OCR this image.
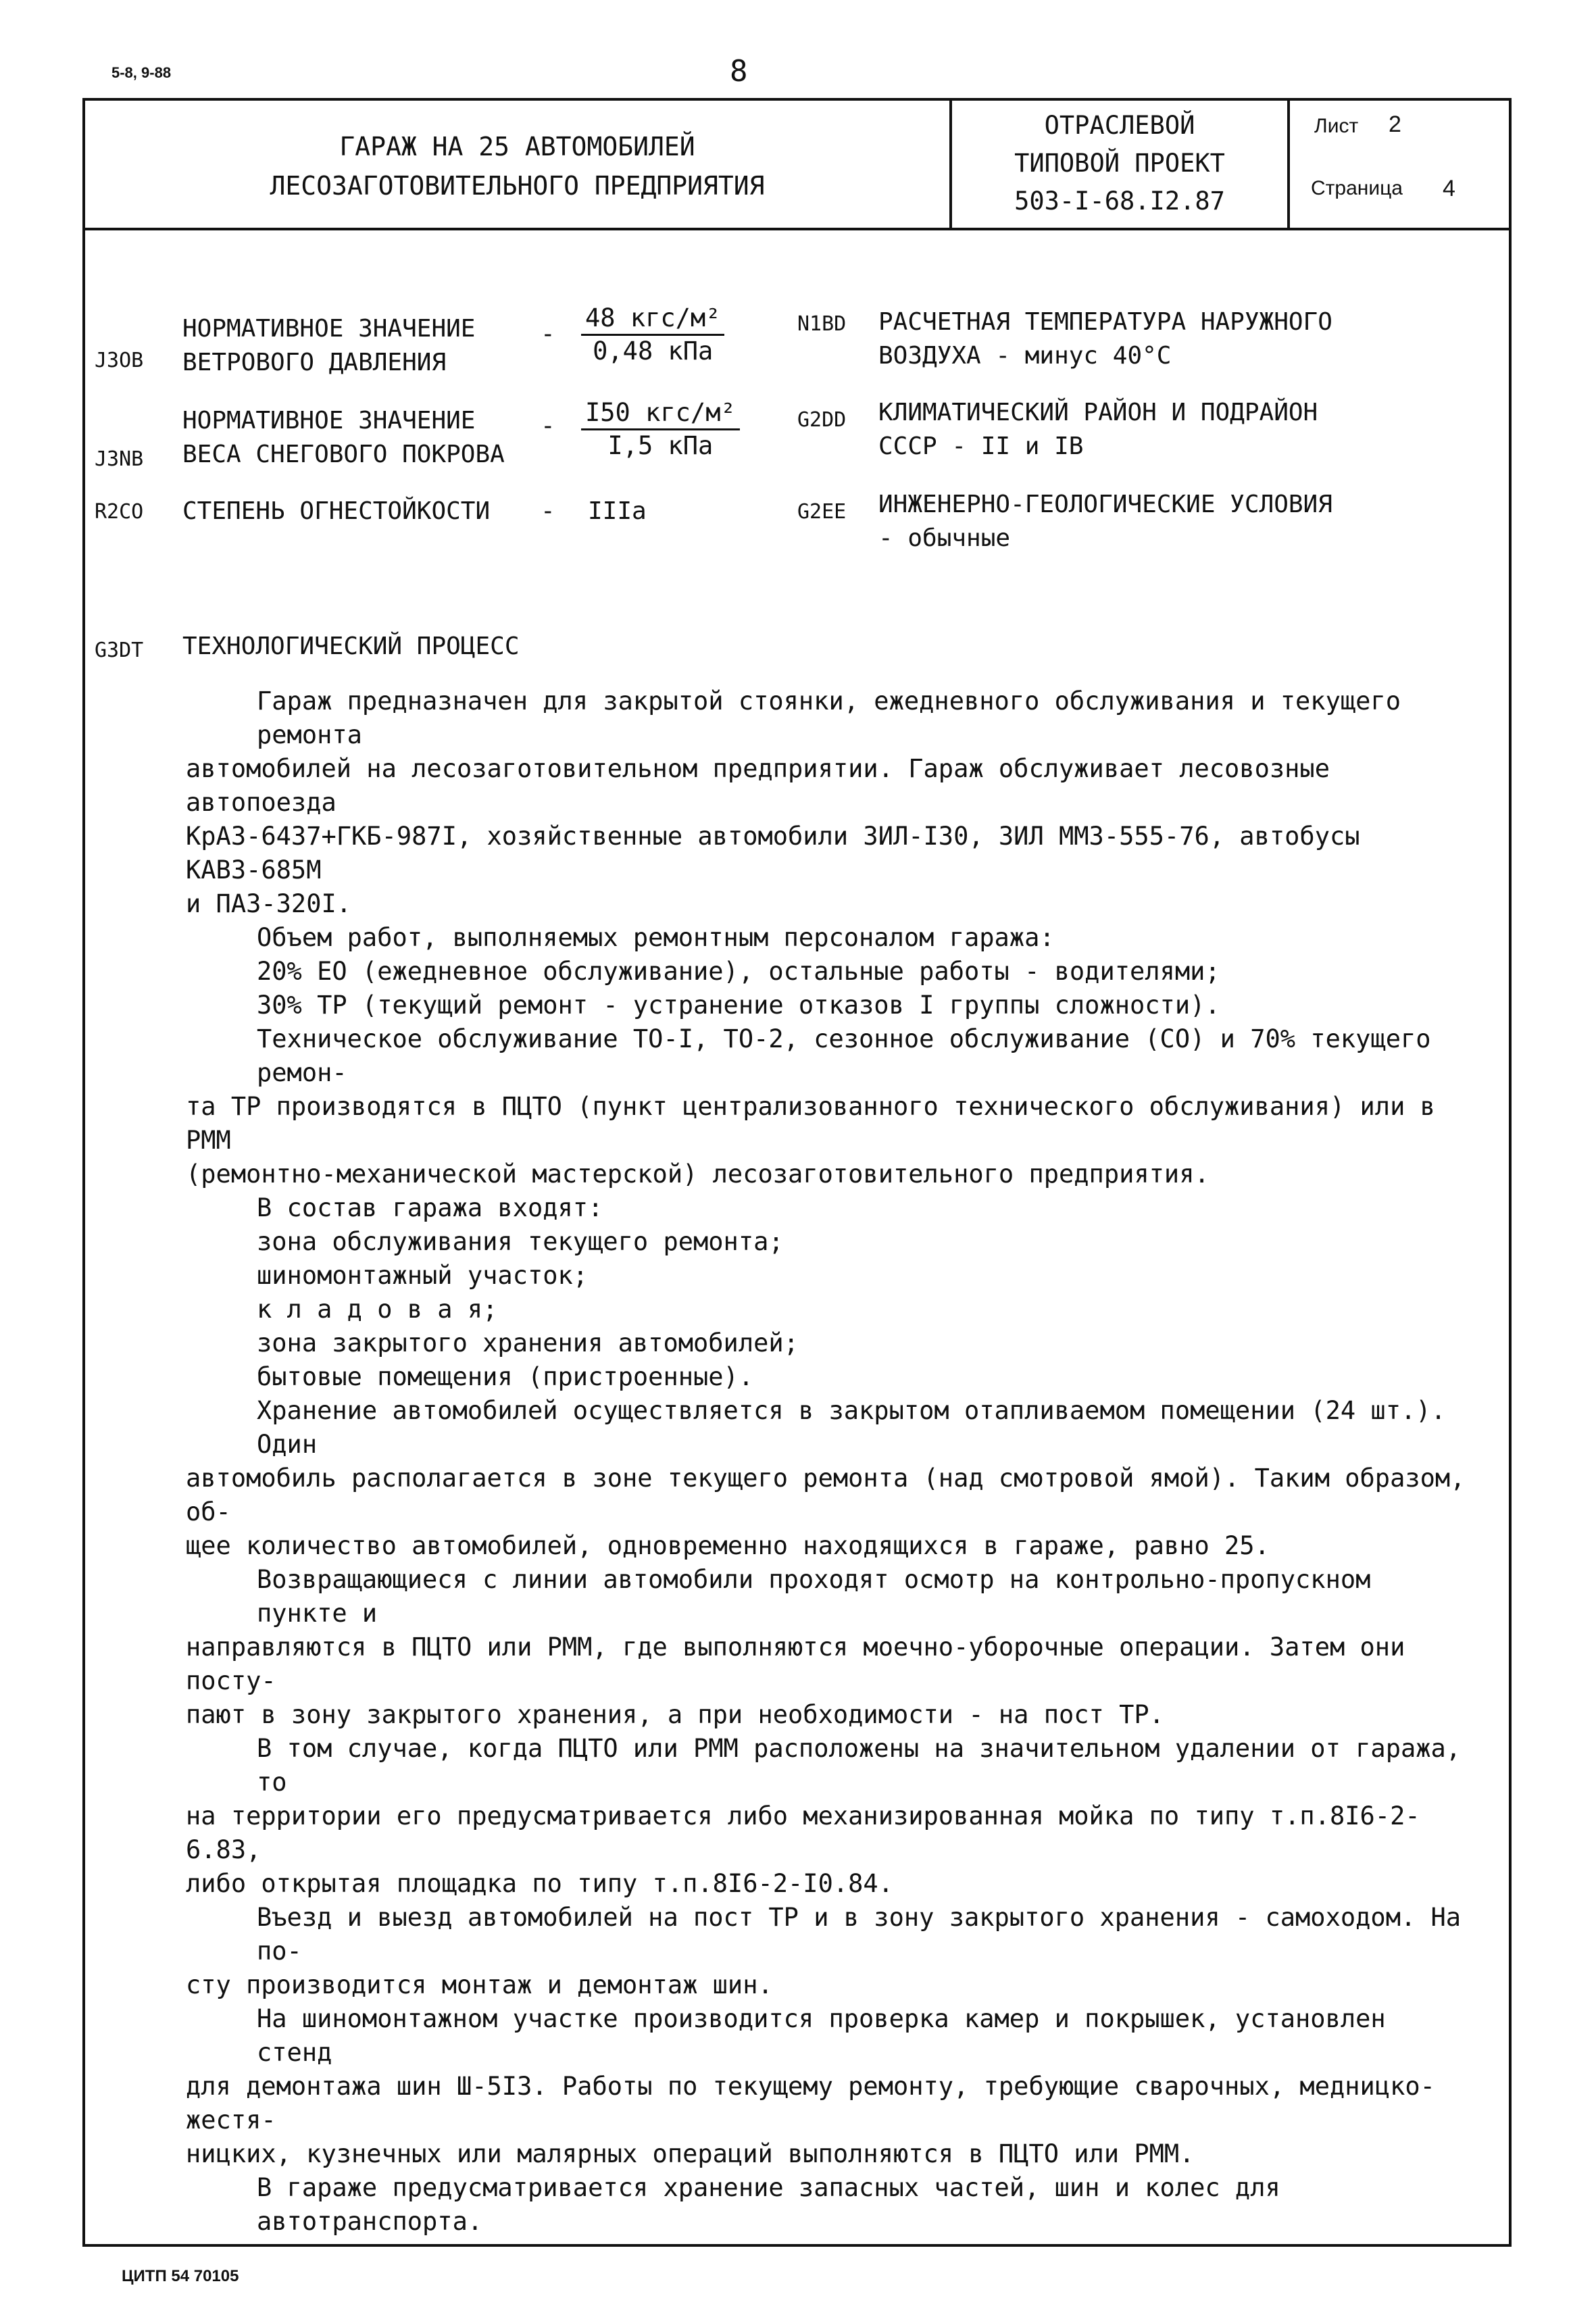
5-8, 9-88	8
ГАРАЖ НА 25 АВТОМОБИЛЕЙ
ЛЕСОЗАГОТОВИТЕЛЬНОГО ПРЕДПРИЯТИЯ
ОТРАСЛЕВОЙ
ТИПОВОЙ ПРОЕКТ
503-I-68.I2.87
Лист 2
Страница 4
J3OB
НОРМАТИВНОЕ ЗНАЧЕНИЕ
ВЕТРОВОГО ДАВЛЕНИЯ
-
48 кгс/м²
0,48 кПа
J3NB
НОРМАТИВНОЕ ЗНАЧЕНИЕ
ВЕСА СНЕГОВОГО ПОКРОВА
- I50 кгс/м²
I,5 кПа
R2CO СТЕПЕНЬ ОГНЕСТОЙКОСТИ - IIIa
N1BD РАСЧЕТНАЯ ТЕМПЕРАТУРА НАРУЖНОГО
ВОЗДУХА - минус 40°С
G2DD КЛИМАТИЧЕСКИЙ РАЙОН И ПОДРАЙОН
СССР - II и IB
G2EE ИНЖЕНЕРНО-ГЕОЛОГИЧЕСКИЕ УСЛОВИЯ
- обычные
G3DT ТЕХНОЛОГИЧЕСКИЙ ПРОЦЕСС
Гараж предназначен для закрытой стоянки, ежедневного обслуживания и текущего ремонта
автомобилей на лесозаготовительном предприятии. Гараж обслуживает лесовозные автопоезда
КрАЗ-6437+ГКБ-987I, хозяйственные автомобили ЗИЛ-I30, ЗИЛ ММЗ-555-76, автобусы КАВЗ-685М
и ПАЗ-320I.
Объем работ, выполняемых ремонтным персоналом гаража:
20% ЕО (ежедневное обслуживание), остальные работы - водителями;
30% ТР (текущий ремонт - устранение отказов I группы сложности).
Техническое обслуживание ТО-I, ТО-2, сезонное обслуживание (СО) и 70% текущего ремон-
та ТР производятся в ПЦТО (пункт централизованного технического обслуживания) или в РММ
(ремонтно-механической мастерской) лесозаготовительного предприятия.
В состав гаража входят:
зона обслуживания текущего ремонта;
шиномонтажный участок;
к л а д о в а я;
зона закрытого хранения автомобилей;
бытовые помещения (пристроенные).
Хранение автомобилей осуществляется в закрытом отапливаемом помещении (24 шт.). Один
автомобиль располагается в зоне текущего ремонта (над смотровой ямой). Таким образом, об-
щее количество автомобилей, одновременно находящихся в гараже, равно 25.
Возвращающиеся с линии автомобили проходят осмотр на контрольно-пропускном пункте и
направляются в ПЦТО или РММ, где выполняются моечно-уборочные операции. Затем они посту-
пают в зону закрытого хранения, а при необходимости - на пост ТР.
В том случае, когда ПЦТО или РММ расположены на значительном удалении от гаража, то
на территории его предусматривается либо механизированная мойка по типу т.п.8I6-2-6.83,
либо открытая площадка по типу т.п.8I6-2-I0.84.
Въезд и выезд автомобилей на пост ТР и в зону закрытого хранения - самоходом. На по-
сту производится монтаж и демонтаж шин.
На шиномонтажном участке производится проверка камер и покрышек, установлен стенд
для демонтажа шин Ш-5I3. Работы по текущему ремонту, требующие сварочных, медницко-жестя-
ницких, кузнечных или малярных операций выполняются в ПЦТО или РММ.
В гараже предусматривается хранение запасных частей, шин и колес для автотранспорта.
ЦИТП 54 70105
